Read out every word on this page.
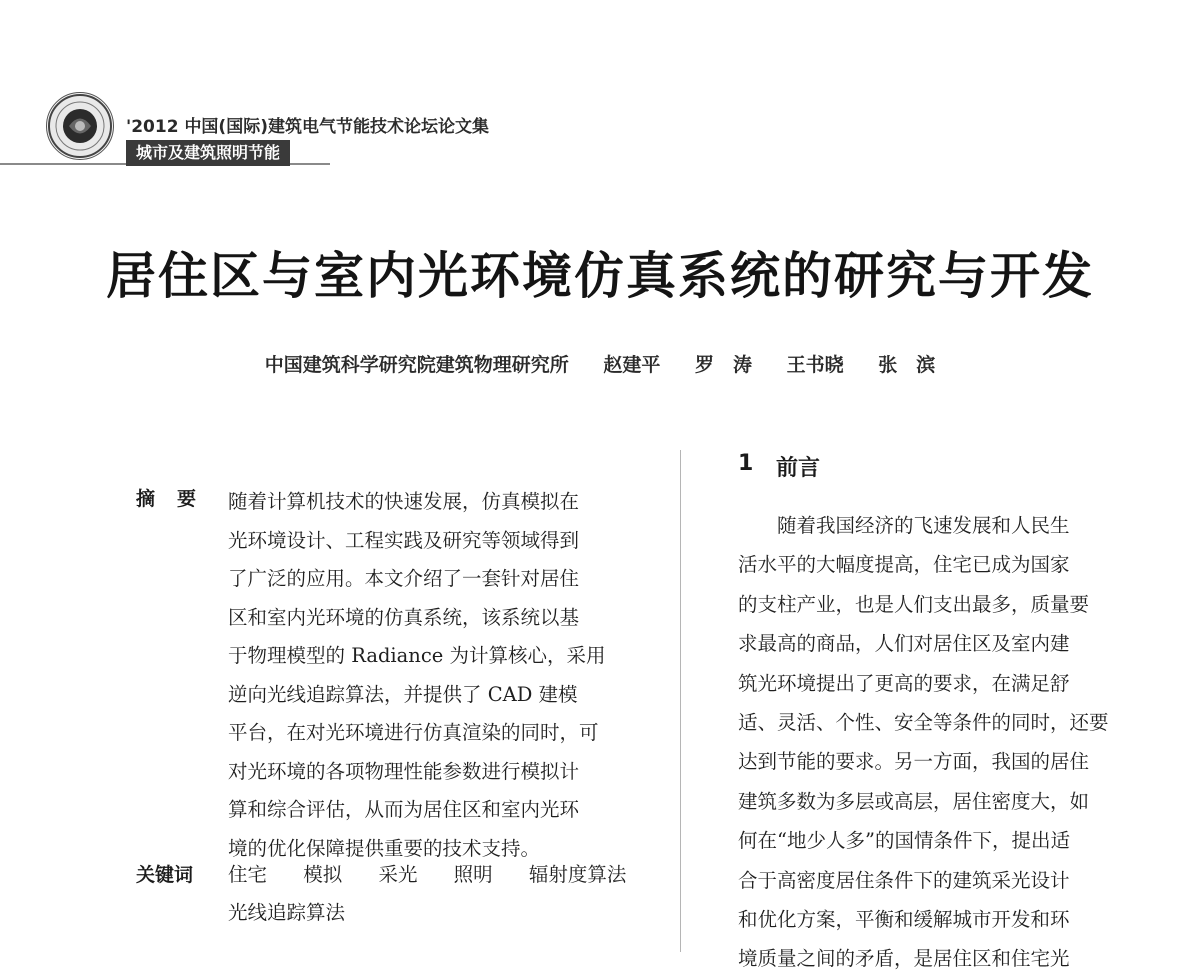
'2012 中国(国际)建筑电气节能技术论坛论文集
城市及建筑照明节能
居住区与室内光环境仿真系统的研究与开发
中国建筑科学研究院建筑物理研究所 赵建平 罗　涛 王书晓 张　滨
摘要 随着计算机技术的快速发展，仿真模拟在
光环境设计、工程实践及研究等领域得到
了广泛的应用。本文介绍了一套针对居住
区和室内光环境的仿真系统，该系统以基
于物理模型的 Radiance 为计算核心，采用
逆向光线追踪算法，并提供了 CAD 建模
平台，在对光环境进行仿真渲染的同时，可
对光环境的各项物理性能参数进行模拟计
算和综合评估，从而为居住区和室内光环
境的优化保障提供重要的技术支持。
关键词 住宅 模拟 采光 照明 辐射度算法
光线追踪算法
1 前言
　　随着我国经济的飞速发展和人民生
活水平的大幅度提高，住宅已成为国家
的支柱产业，也是人们支出最多，质量要
求最高的商品，人们对居住区及室内建
筑光环境提出了更高的要求，在满足舒
适、灵活、个性、安全等条件的同时，还要
达到节能的要求。另一方面，我国的居住
建筑多数为多层或高层，居住密度大，如
何在“地少人多”的国情条件下，提出适
合于高密度居住条件下的建筑采光设计
和优化方案，平衡和缓解城市开发和环
境质量之间的矛盾，是居住区和住宅光
